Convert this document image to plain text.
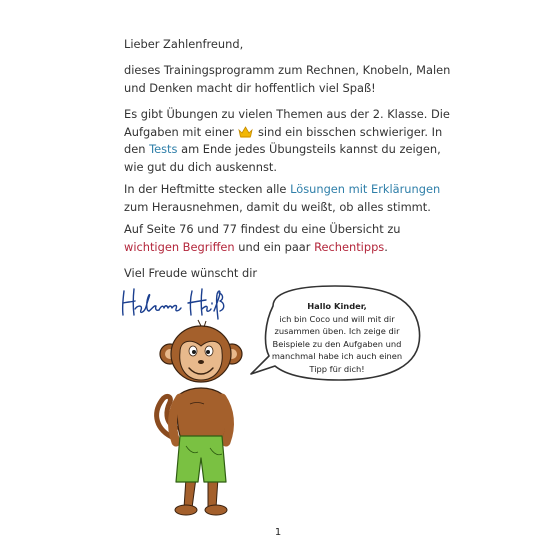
Lieber Zahlenfreund,

dieses Trainingsprogramm zum Rechnen, Knobeln, Malen und Denken macht dir hoffentlich viel Spaß!

Es gibt Übungen zu vielen Themen aus der 2. Klasse. Die Aufgaben mit einer sind ein bisschen schwieriger. In den Tests am Ende jedes Übungsteils kannst du zeigen, wie gut du dich auskennst.

In der Heftmitte stecken alle Lösungen mit Erklärungen zum Herausnehmen, damit du weißt, ob alles stimmt.

Auf Seite 76 und 77 findest du eine Übersicht zu wichtigen Begriffen und ein paar Rechentipps.

Viel Freude wünscht dir

Hallo Kinder,
ich bin Coco und will mit dir zusammen üben. Ich zeige dir Beispiele zu den Aufgaben und manchmal habe ich auch einen Tipp für dich!
1
